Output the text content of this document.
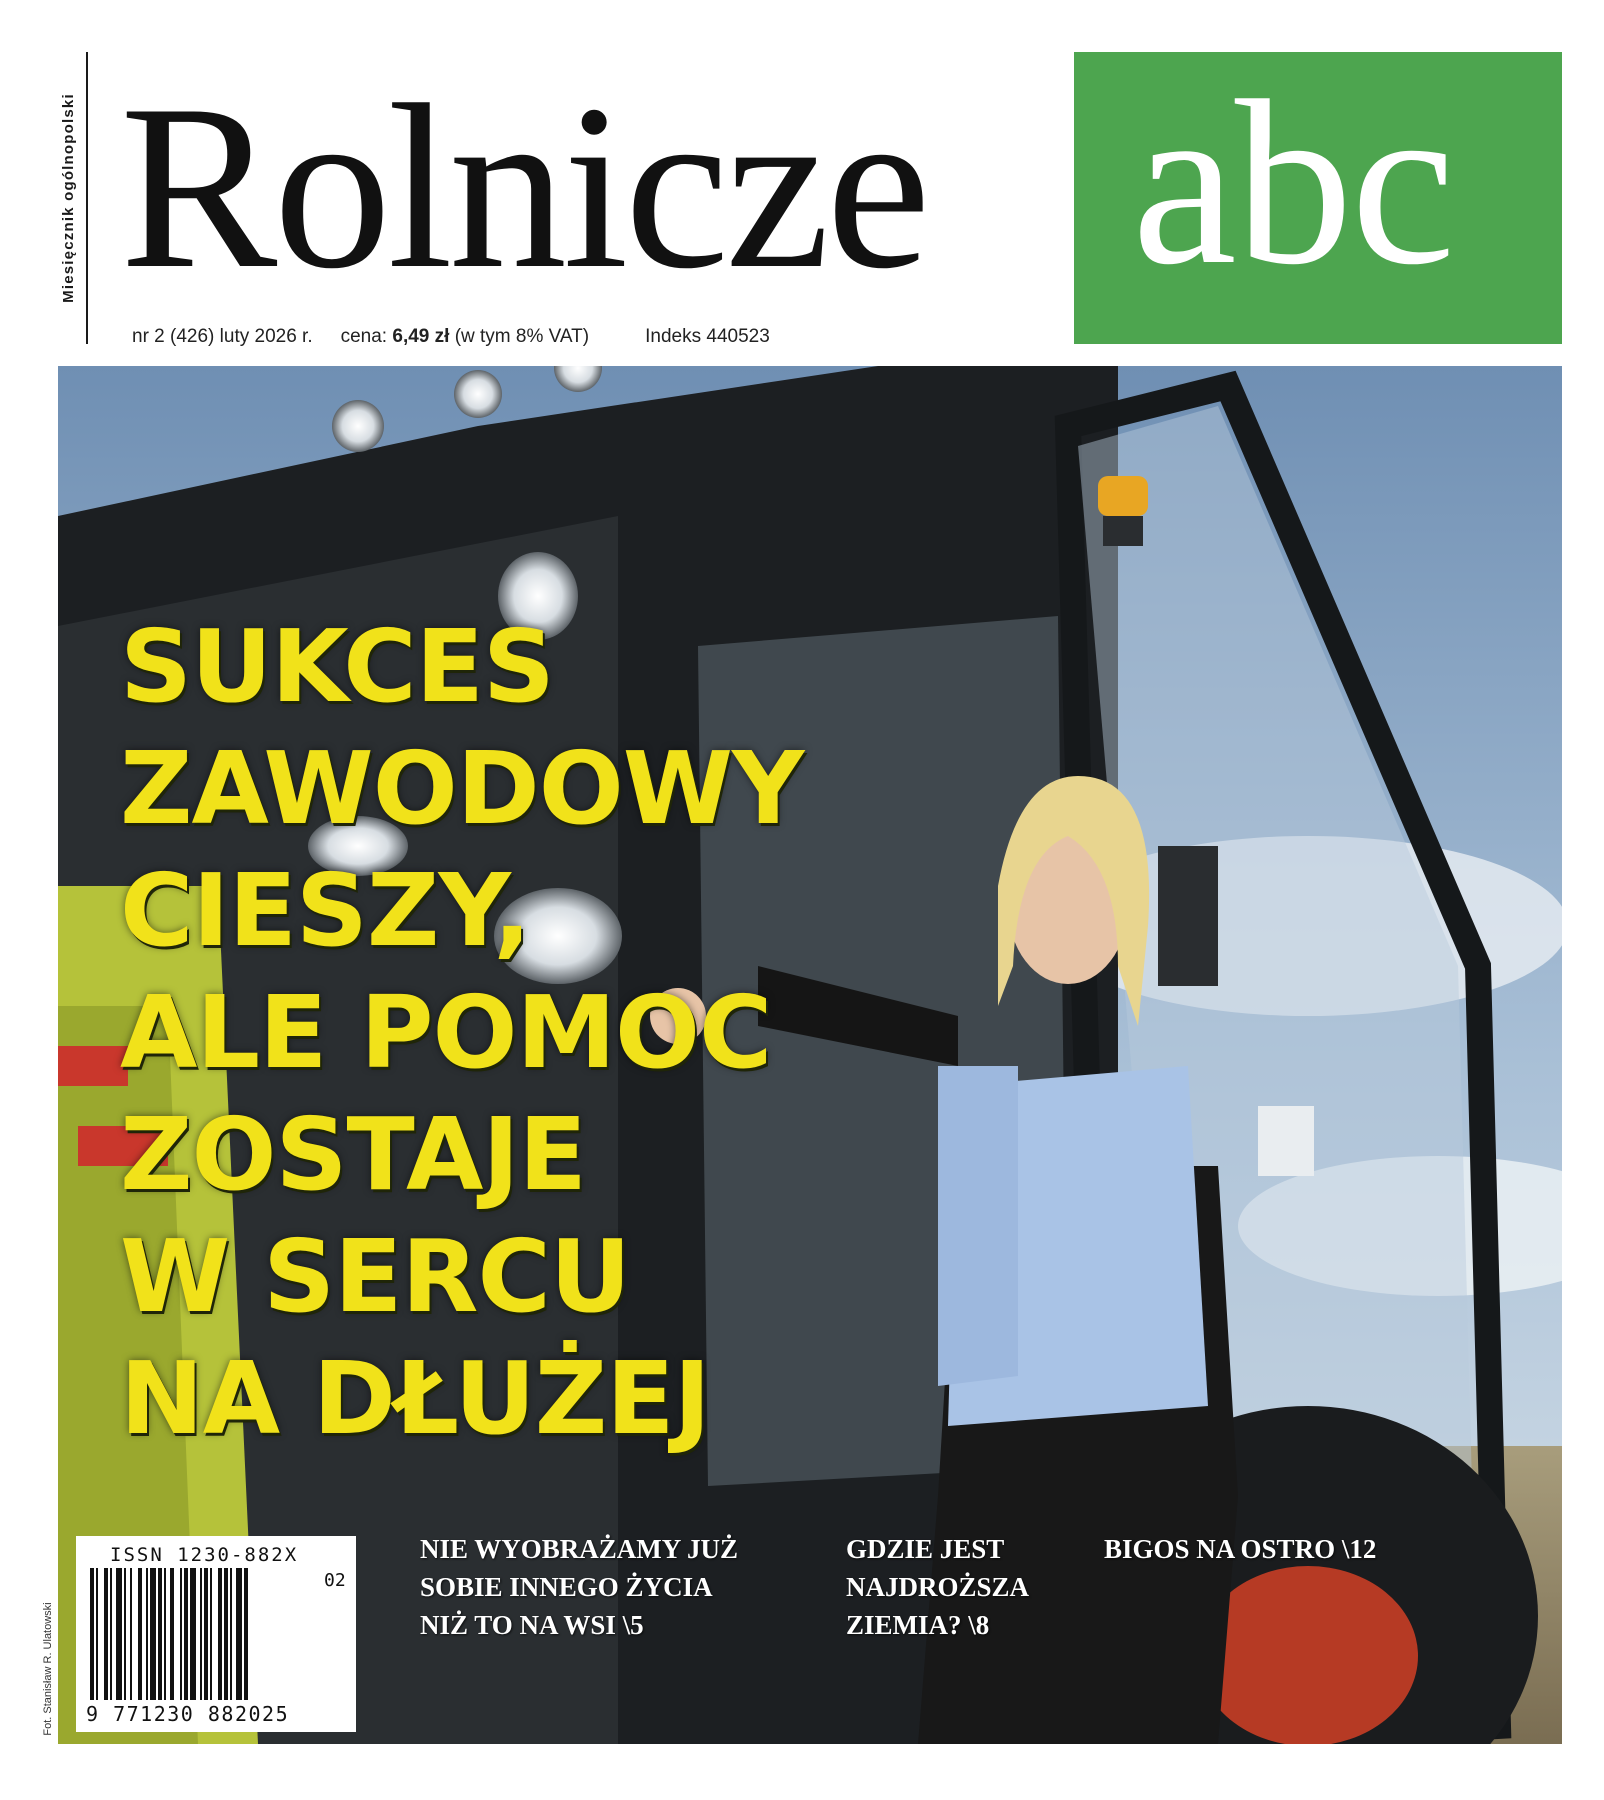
Miesięcznik ogólnopolski Rolnicze abc
nr 2 (426) luty 2026 r. cena: 6,49 zł (w tym 8% VAT)	Indeks 440523
SUKCES
ZAWODOWY
CIESZY,
ALE POMOC
ZOSTAJE
W SERCU
NA DŁUŻEJ
NIE WYOBRAŻAMY JUŻ
SOBIE INNEGO ŻYCIA
NIŻ TO NA WSI \5
GDZIE JEST
NAJDROŻSZA
ZIEMIA? \8
BIGOS NA OSTRO \12
ISSN 1230-882X
02
9 771230 882025
Fot. Stanisław R. Ulatowski
